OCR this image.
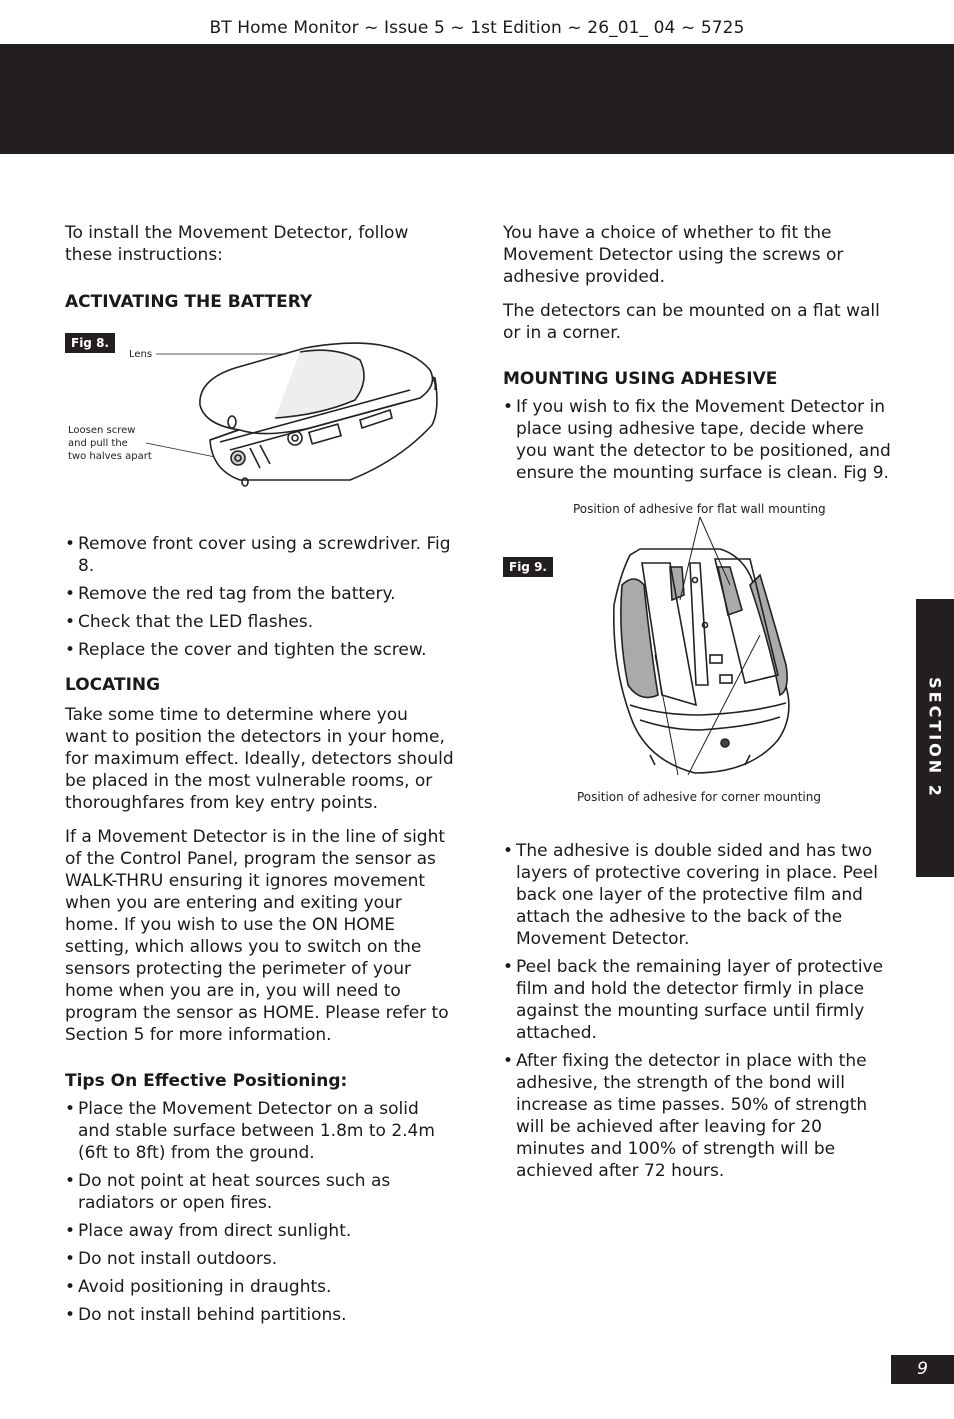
BT Home Monitor ~ Issue 5 ~ 1st Edition ~ 26_01_ 04 ~ 5725

To install the Movement Detector, follow these instructions:

ACTIVATING THE BATTERY
Fig 8.
Lens
Loosen screw
and pull the
two halves apart
• Remove front cover using a screwdriver. Fig 8.
• Remove the red tag from the battery.
• Check that the LED flashes.
• Replace the cover and tighten the screw.
LOCATING

Take some time to determine where you want to position the detectors in your home, for maximum effect. Ideally, detectors should be placed in the most vulnerable rooms, or thoroughfares from key entry points.

If a Movement Detector is in the line of sight of the Control Panel, program the sensor as WALK-THRU ensuring it ignores movement when you are entering and exiting your home. If you wish to use the ON HOME setting, which allows you to switch on the sensors protecting the perimeter of your home when you are in, you will need to program the sensor as HOME. Please refer to Section 5 for more information.

Tips On Effective Positioning:
• Place the Movement Detector on a solid and stable surface between 1.8m to 2.4m (6ft to 8ft) from the ground.
• Do not point at heat sources such as radiators or open fires.
• Place away from direct sunlight.
• Do not install outdoors.
• Avoid positioning in draughts.
• Do not install behind partitions.

You have a choice of whether to fit the Movement Detector using the screws or adhesive provided.

The detectors can be mounted on a flat wall or in a corner.

MOUNTING USING ADHESIVE
• If you wish to fix the Movement Detector in place using adhesive tape, decide where you want the detector to be positioned, and ensure the mounting surface is clean. Fig 9.
Position of adhesive for flat wall mounting
Fig 9.
Position of adhesive for corner mounting
• The adhesive is double sided and has two layers of protective covering in place. Peel back one layer of the protective film and attach the adhesive to the back of the Movement Detector.
• Peel back the remaining layer of protective film and hold the detector firmly in place against the mounting surface until firmly attached.
• After fixing the detector in place with the adhesive, the strength of the bond will increase as time passes. 50% of strength will be achieved after leaving for 20 minutes and 100% of strength will be achieved after 72 hours.
SECTION 2
9
